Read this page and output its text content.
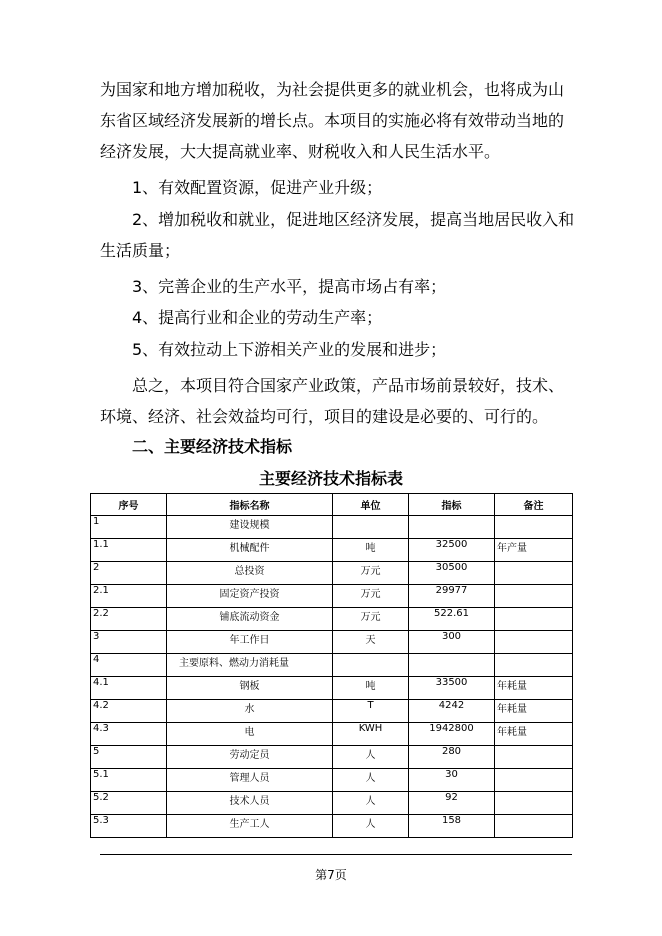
为国家和地方增加税收，为社会提供更多的就业机会，也将成为山东省区域经济发展新的增长点。本项目的实施必将有效带动当地的经济发展，大大提高就业率、财税收入和人民生活水平。

1、有效配置资源，促进产业升级；
2、增加税收和就业，促进地区经济发展，提高当地居民收入和
生活质量；
3、完善企业的生产水平，提高市场占有率；
4、提高行业和企业的劳动生产率；
5、有效拉动上下游相关产业的发展和进步；

总之，本项目符合国家产业政策，产品市场前景较好，技术、环境、经济、社会效益均可行，项目的建设是必要的、可行的。

二、主要经济技术指标
主要经济技术指标表
序号	指标名称	单位	指标	备注
1	建设规模			
1.1	机械配件	吨	32500	年产量
2	总投资	万元	30500	
2.1	固定资产投资	万元	29977	
2.2	铺底流动资金	万元	522.61	
3	年工作日	天	300	
4	主要原料、燃动力消耗量			
4.1	钢板	吨	33500	年耗量
4.2	水	T	4242	年耗量
4.3	电	KWH	1942800	年耗量
5	劳动定员	人	280	
5.1	管理人员	人	30	
5.2	技术人员	人	92	
5.3	生产工人	人	158	
第7页
